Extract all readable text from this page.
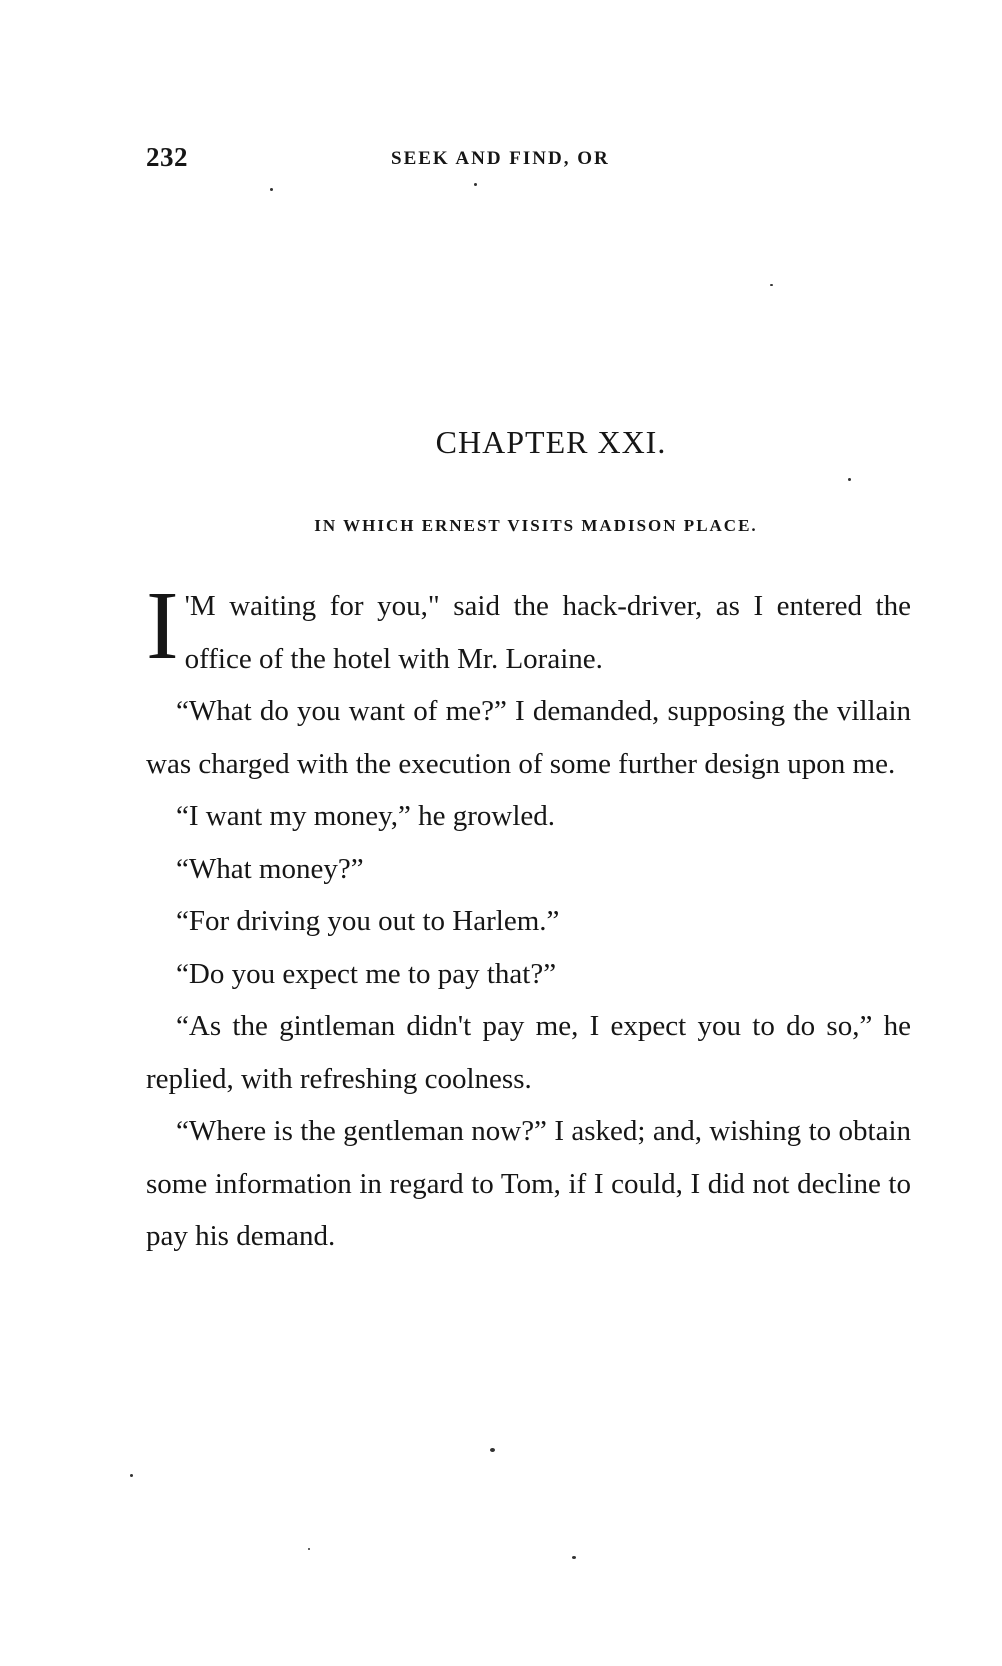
232	SEEK AND FIND, OR
CHAPTER XXI.
IN WHICH ERNEST VISITS MADISON PLACE.

I 'M waiting for you," said the hack-driver, as I entered the office of the hotel with Mr. Loraine.

“What do you want of me?” I demanded, supposing the villain was charged with the execution of some further design upon me.

“I want my money,” he growled.

“What money?”

“For driving you out to Harlem.”

“Do you expect me to pay that?”

“As the gintleman didn't pay me, I expect you to do so,” he replied, with refreshing coolness.

“Where is the gentleman now?” I asked; and, wishing to obtain some information in regard to Tom, if I could, I did not decline to pay his demand.
